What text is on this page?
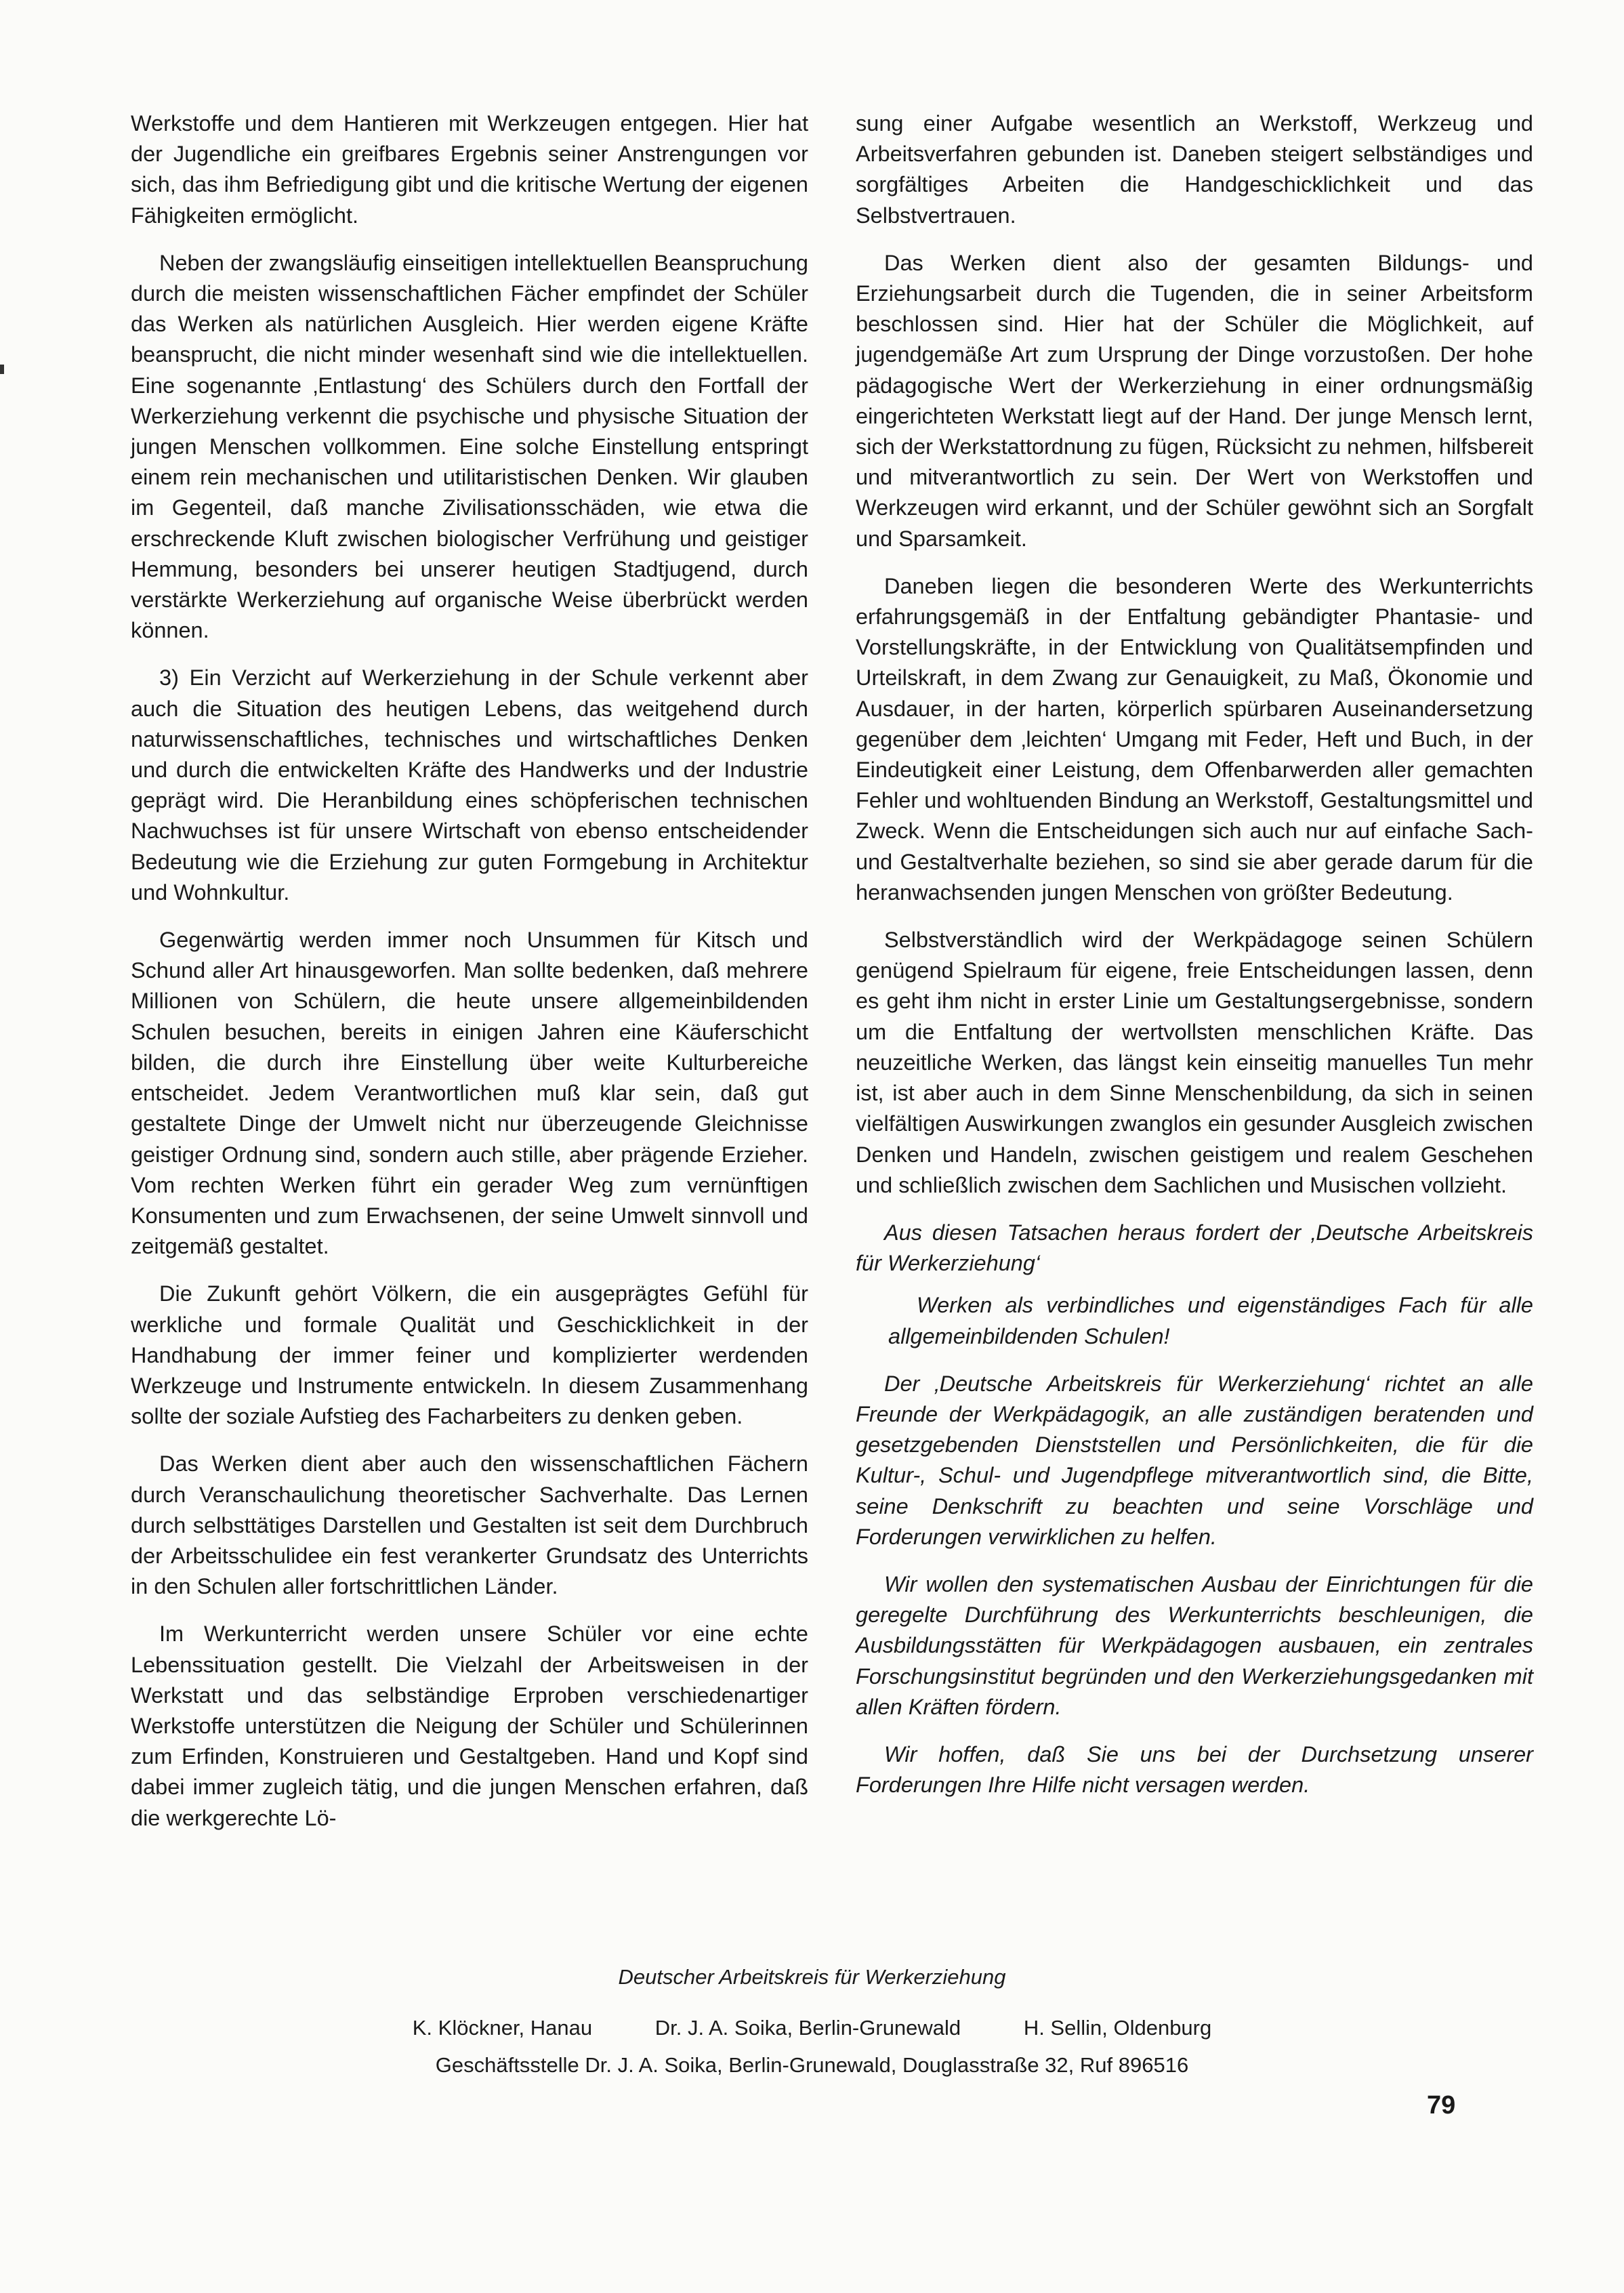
Werkstoffe und dem Hantieren mit Werkzeugen entgegen. Hier hat der Jugendliche ein greifbares Ergebnis seiner Anstrengungen vor sich, das ihm Befriedigung gibt und die kritische Wertung der eigenen Fähigkeiten ermöglicht.

Neben der zwangsläufig einseitigen intellektuellen Beanspruchung durch die meisten wissenschaftlichen Fächer empfindet der Schüler das Werken als natürlichen Ausgleich. Hier werden eigene Kräfte beansprucht, die nicht minder wesenhaft sind wie die intellektuellen. Eine sogenannte ‚Entlastung‘ des Schülers durch den Fortfall der Werkerziehung verkennt die psychische und physische Situation der jungen Menschen vollkommen. Eine solche Einstellung entspringt einem rein mechanischen und utilitaristischen Denken. Wir glauben im Gegenteil, daß manche Zivilisationsschäden, wie etwa die erschreckende Kluft zwischen biologischer Verfrühung und geistiger Hemmung, besonders bei unserer heutigen Stadtjugend, durch verstärkte Werkerziehung auf organische Weise überbrückt werden können.

3) Ein Verzicht auf Werkerziehung in der Schule verkennt aber auch die Situation des heutigen Lebens, das weitgehend durch naturwissenschaftliches, technisches und wirtschaftliches Denken und durch die entwickelten Kräfte des Handwerks und der Industrie geprägt wird. Die Heranbildung eines schöpferischen technischen Nachwuchses ist für unsere Wirtschaft von ebenso entscheidender Bedeutung wie die Erziehung zur guten Formgebung in Architektur und Wohnkultur.

Gegenwärtig werden immer noch Unsummen für Kitsch und Schund aller Art hinausgeworfen. Man sollte bedenken, daß mehrere Millionen von Schülern, die heute unsere allgemeinbildenden Schulen besuchen, bereits in einigen Jahren eine Käuferschicht bilden, die durch ihre Einstellung über weite Kulturbereiche entscheidet. Jedem Verantwortlichen muß klar sein, daß gut gestaltete Dinge der Umwelt nicht nur überzeugende Gleichnisse geistiger Ordnung sind, sondern auch stille, aber prägende Erzieher. Vom rechten Werken führt ein gerader Weg zum vernünftigen Konsumenten und zum Erwachsenen, der seine Umwelt sinnvoll und zeitgemäß gestaltet.

Die Zukunft gehört Völkern, die ein ausgeprägtes Gefühl für werkliche und formale Qualität und Geschicklichkeit in der Handhabung der immer feiner und komplizierter werdenden Werkzeuge und Instrumente entwickeln. In diesem Zusammenhang sollte der soziale Aufstieg des Facharbeiters zu denken geben.

Das Werken dient aber auch den wissenschaftlichen Fächern durch Veranschaulichung theoretischer Sachverhalte. Das Lernen durch selbsttätiges Darstellen und Gestalten ist seit dem Durchbruch der Arbeitsschulidee ein fest verankerter Grundsatz des Unterrichts in den Schulen aller fortschrittlichen Länder.

Im Werkunterricht werden unsere Schüler vor eine echte Lebenssituation gestellt. Die Vielzahl der Arbeitsweisen in der Werkstatt und das selbständige Erproben verschiedenartiger Werkstoffe unterstützen die Neigung der Schüler und Schülerinnen zum Erfinden, Konstruieren und Gestaltgeben. Hand und Kopf sind dabei immer zugleich tätig, und die jungen Menschen erfahren, daß die werkgerechte Lö-

sung einer Aufgabe wesentlich an Werkstoff, Werkzeug und Arbeitsverfahren gebunden ist. Daneben steigert selbständiges und sorgfältiges Arbeiten die Handgeschicklichkeit und das Selbstvertrauen.

Das Werken dient also der gesamten Bildungs- und Erziehungsarbeit durch die Tugenden, die in seiner Arbeitsform beschlossen sind. Hier hat der Schüler die Möglichkeit, auf jugendgemäße Art zum Ursprung der Dinge vorzustoßen. Der hohe pädagogische Wert der Werkerziehung in einer ordnungsmäßig eingerichteten Werkstatt liegt auf der Hand. Der junge Mensch lernt, sich der Werkstattordnung zu fügen, Rücksicht zu nehmen, hilfsbereit und mitverantwortlich zu sein. Der Wert von Werkstoffen und Werkzeugen wird erkannt, und der Schüler gewöhnt sich an Sorgfalt und Sparsamkeit.

Daneben liegen die besonderen Werte des Werkunterrichts erfahrungsgemäß in der Entfaltung gebändigter Phantasie- und Vorstellungskräfte, in der Entwicklung von Qualitätsempfinden und Urteilskraft, in dem Zwang zur Genauigkeit, zu Maß, Ökonomie und Ausdauer, in der harten, körperlich spürbaren Auseinandersetzung gegenüber dem ‚leichten‘ Umgang mit Feder, Heft und Buch, in der Eindeutigkeit einer Leistung, dem Offenbarwerden aller gemachten Fehler und wohltuenden Bindung an Werkstoff, Gestaltungsmittel und Zweck. Wenn die Entscheidungen sich auch nur auf einfache Sach- und Gestaltverhalte beziehen, so sind sie aber gerade darum für die heranwachsenden jungen Menschen von größter Bedeutung.

Selbstverständlich wird der Werkpädagoge seinen Schülern genügend Spielraum für eigene, freie Entscheidungen lassen, denn es geht ihm nicht in erster Linie um Gestaltungsergebnisse, sondern um die Entfaltung der wertvollsten menschlichen Kräfte. Das neuzeitliche Werken, das längst kein einseitig manuelles Tun mehr ist, ist aber auch in dem Sinne Menschenbildung, da sich in seinen vielfältigen Auswirkungen zwanglos ein gesunder Ausgleich zwischen Denken und Handeln, zwischen geistigem und realem Geschehen und schließlich zwischen dem Sachlichen und Musischen vollzieht.

Aus diesen Tatsachen heraus fordert der ‚Deutsche Arbeitskreis für Werkerziehung‘

Werken als verbindliches und eigenständiges Fach für alle allgemeinbildenden Schulen!

Der ‚Deutsche Arbeitskreis für Werkerziehung‘ richtet an alle Freunde der Werkpädagogik, an alle zuständigen beratenden und gesetzgebenden Dienststellen und Persönlichkeiten, die für die Kultur-, Schul- und Jugendpflege mitverantwortlich sind, die Bitte, seine Denkschrift zu beachten und seine Vorschläge und Forderungen verwirklichen zu helfen.

Wir wollen den systematischen Ausbau der Einrichtungen für die geregelte Durchführung des Werkunterrichts beschleunigen, die Ausbildungsstätten für Werkpädagogen ausbauen, ein zentrales Forschungsinstitut begründen und den Werkerziehungsgedanken mit allen Kräften fördern.

Wir hoffen, daß Sie uns bei der Durchsetzung unserer Forderungen Ihre Hilfe nicht versagen werden.

Deutscher Arbeitskreis für Werkerziehung
K. Klöckner, Hanau	Dr. J. A. Soika, Berlin-Grunewald	H. Sellin, Oldenburg
Geschäftsstelle Dr. J. A. Soika, Berlin-Grunewald, Douglasstraße 32, Ruf 896516
79
